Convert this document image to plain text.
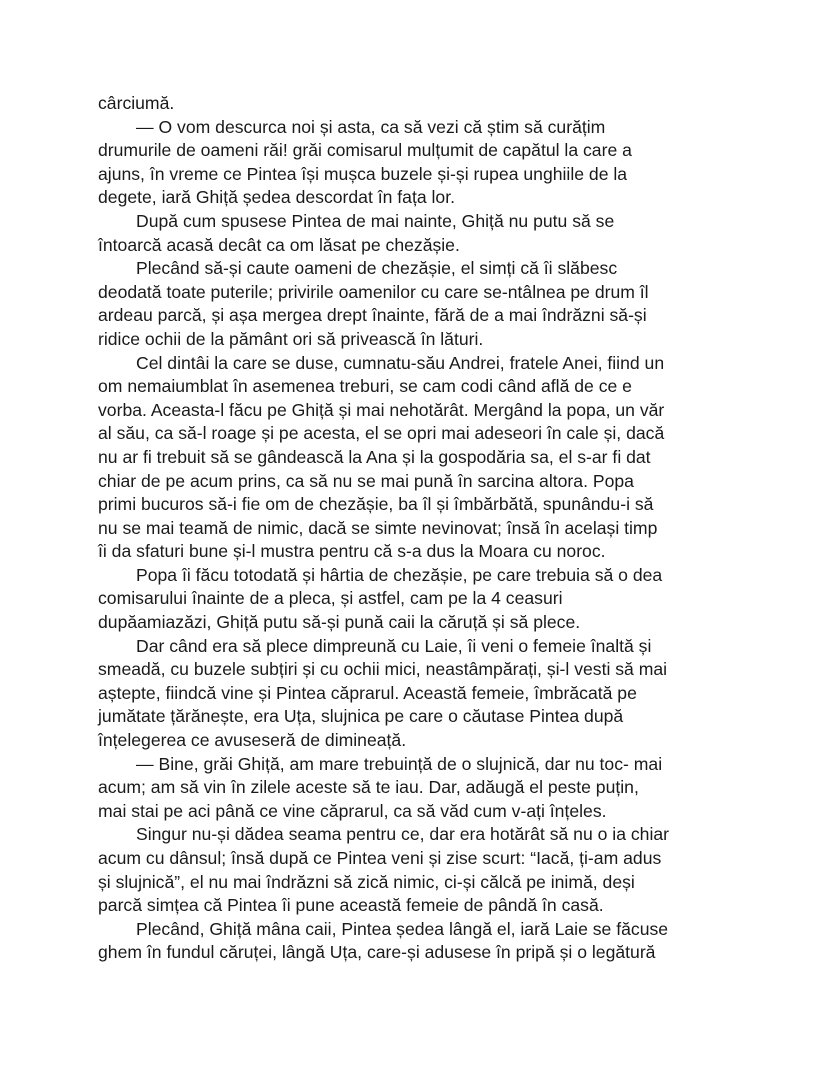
cârciumă.
— O vom descurca noi și asta, ca să vezi că știm să curățim
drumurile de oameni răi! grăi comisarul mulțumit de capătul la care a
ajuns, în vreme ce Pintea își mușca buzele și-și rupea unghiile de la
degete, iară Ghiță ședea descordat în fața lor.
După cum spusese Pintea de mai nainte, Ghiță nu putu să se
întoarcă acasă decât ca om lăsat pe chezășie.
Plecând să-și caute oameni de chezășie, el simți că îi slăbesc
deodată toate puterile; privirile oamenilor cu care se-ntâlnea pe drum îl
ardeau parcă, și așa mergea drept înainte, fără de a mai îndrăzni să-și
ridice ochii de la pământ ori să privească în lături.
Cel dintâi la care se duse, cumnatu-său Andrei, fratele Anei, fiind un
om nemaiumblat în asemenea treburi, se cam codi când află de ce e
vorba. Aceasta-l făcu pe Ghiță și mai nehotărât. Mergând la popa, un văr
al său, ca să-l roage și pe acesta, el se opri mai adeseori în cale și, dacă
nu ar fi trebuit să se gândească la Ana și la gospodăria sa, el s-ar fi dat
chiar de pe acum prins, ca să nu se mai pună în sarcina altora. Popa
primi bucuros să-i fie om de chezășie, ba îl și îmbărbătă, spunându-i să
nu se mai teamă de nimic, dacă se simte nevinovat; însă în același timp
îi da sfaturi bune și-l mustra pentru că s-a dus la Moara cu noroc.
Popa îi făcu totodată și hârtia de chezășie, pe care trebuia să o dea
comisarului înainte de a pleca, și astfel, cam pe la 4 ceasuri
dupăamiazăzi, Ghiță putu să-și pună caii la căruță și să plece.
Dar când era să plece dimpreună cu Laie, îi veni o femeie înaltă și
smeadă, cu buzele subțiri și cu ochii mici, neastâmpărați, și-l vesti să mai
aștepte, fiindcă vine și Pintea căprarul. Această femeie, îmbrăcată pe
jumătate țărănește, era Uța, slujnica pe care o căutase Pintea după
înțelegerea ce avuseseră de dimineață.
— Bine, grăi Ghiță, am mare trebuință de o slujnică, dar nu toc- mai
acum; am să vin în zilele aceste să te iau. Dar, adăugă el peste puțin,
mai stai pe aci până ce vine căprarul, ca să văd cum v-ați înțeles.
Singur nu-și dădea seama pentru ce, dar era hotărât să nu o ia chiar
acum cu dânsul; însă după ce Pintea veni și zise scurt: “Iacă, ți-am adus
și slujnică”, el nu mai îndrăzni să zică nimic, ci-și călcă pe inimă, deși
parcă simțea că Pintea îi pune această femeie de pândă în casă.
Plecând, Ghiță mâna caii, Pintea ședea lângă el, iară Laie se făcuse
ghem în fundul căruței, lângă Uța, care-și adusese în pripă și o legătură
